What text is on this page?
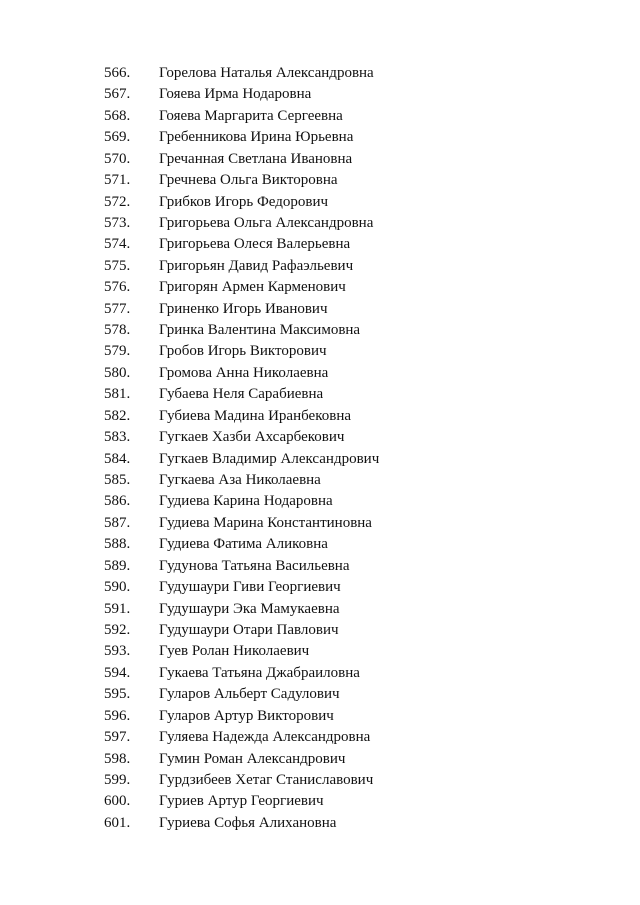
566. Горелова Наталья Александровна
567. Гояева Ирма Нодаровна
568. Гояева Маргарита Сергеевна
569. Гребенникова Ирина Юрьевна
570. Гречанная Светлана Ивановна
571. Гречнева Ольга Викторовна
572. Грибков Игорь Федорович
573. Григорьева Ольга Александровна
574. Григорьева Олеся Валерьевна
575. Григорьян Давид Рафаэльевич
576. Григорян Армен Карменович
577. Гриненко Игорь Иванович
578. Гринка Валентина Максимовна
579. Гробов Игорь Викторович
580. Громова Анна Николаевна
581. Губаева Неля Сарабиевна
582. Губиева Мадина Иранбековна
583. Гугкаев Хазби Ахсарбекович
584. Гугкаев Владимир Александрович
585. Гугкаева Аза Николаевна
586. Гудиева Карина Нодаровна
587. Гудиева Марина Константиновна
588. Гудиева Фатима Аликовна
589. Гудунова Татьяна Васильевна
590. Гудушаури Гиви Георгиевич
591. Гудушаури Эка Мамукаевна
592. Гудушаури Отари Павлович
593. Гуев Ролан Николаевич
594. Гукаева Татьяна Джабраиловна
595. Гуларов Альберт Садулович
596. Гуларов Артур Викторович
597. Гуляева Надежда Александровна
598. Гумин Роман Александрович
599. Гурдзибеев Хетаг Станиславович
600. Гуриев Артур Георгиевич
601. Гуриева Софья Алихановна
